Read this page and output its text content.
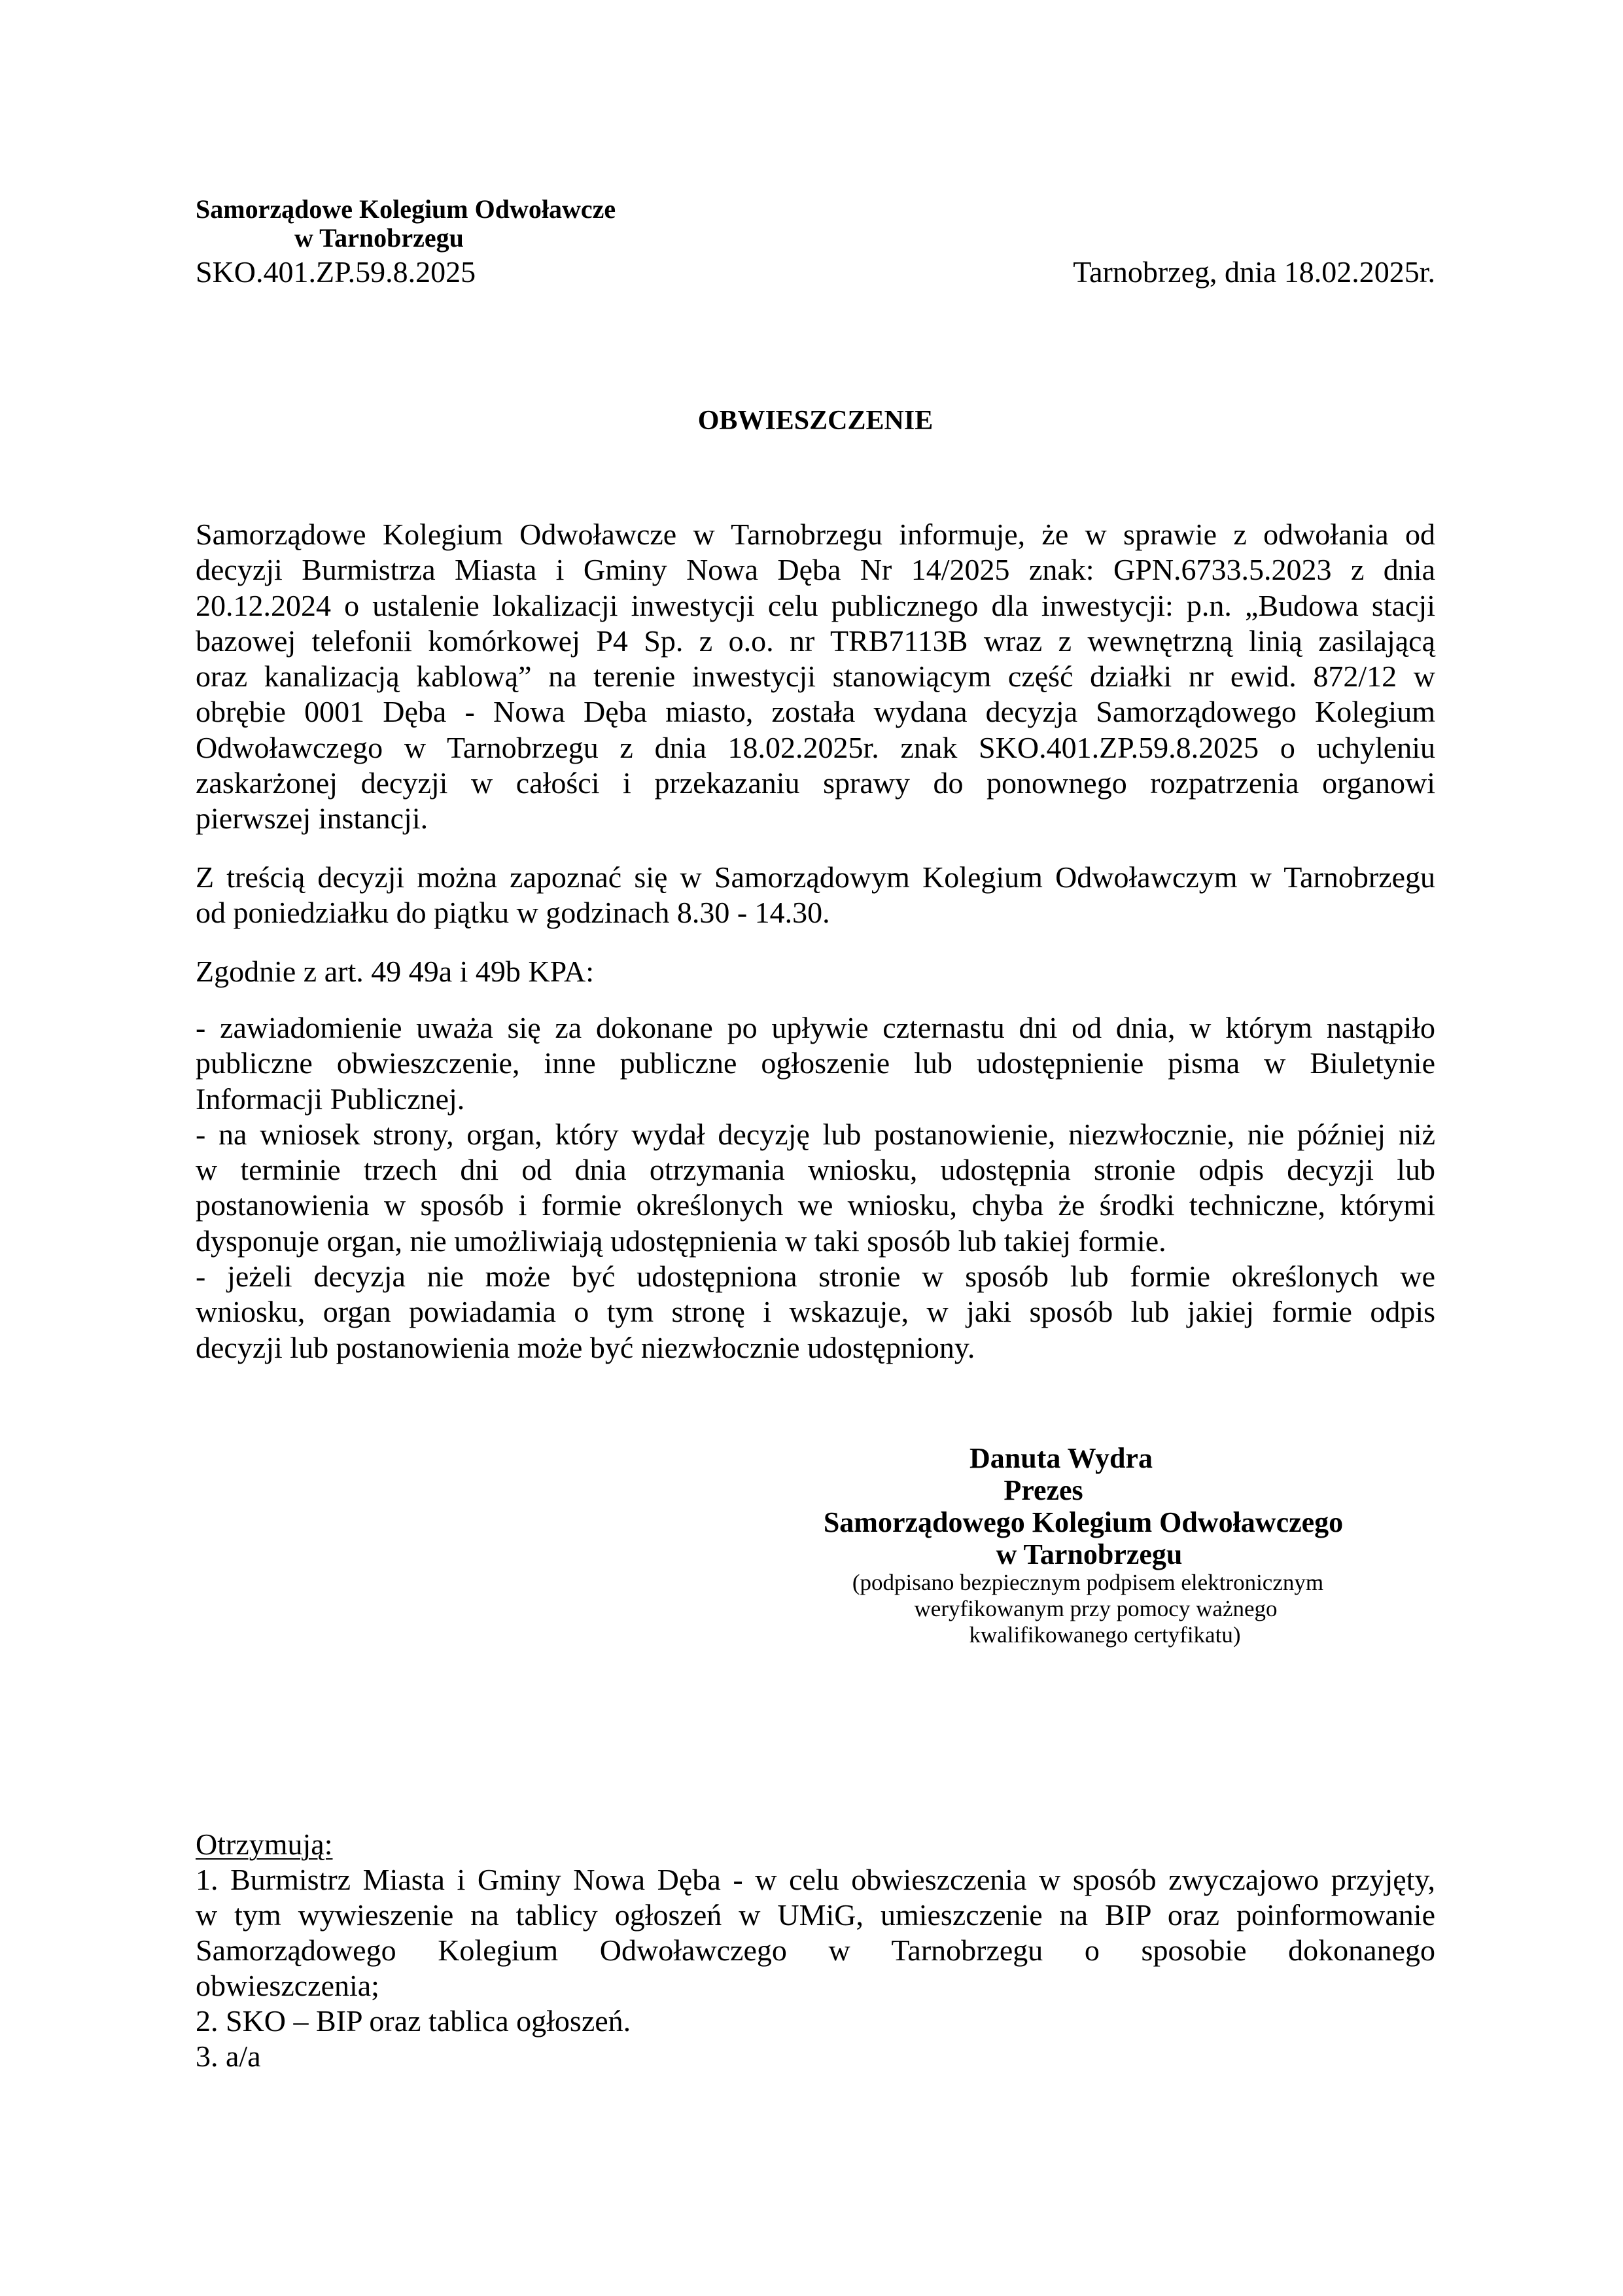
Samorządowe Kolegium Odwoławcze
w Tarnobrzegu
SKO.401.ZP.59.8.2025	Tarnobrzeg, dnia 18.02.2025r.
OBWIESZCZENIE
Samorządowe Kolegium Odwoławcze w Tarnobrzegu informuje, że w sprawie z odwołania od
decyzji Burmistrza Miasta i Gminy Nowa Dęba Nr 14/2025 znak: GPN.6733.5.2023 z dnia
20.12.2024 o ustalenie lokalizacji inwestycji celu publicznego dla inwestycji: p.n. „Budowa stacji
bazowej telefonii komórkowej P4 Sp. z o.o. nr TRB7113B wraz z wewnętrzną linią zasilającą
oraz kanalizacją kablową” na terenie inwestycji stanowiącym część działki nr ewid. 872/12 w
obrębie 0001 Dęba - Nowa Dęba miasto, została wydana decyzja Samorządowego Kolegium
Odwoławczego w Tarnobrzegu z dnia 18.02.2025r. znak SKO.401.ZP.59.8.2025 o uchyleniu
zaskarżonej decyzji w całości i przekazaniu sprawy do ponownego rozpatrzenia organowi
pierwszej instancji.
Z treścią decyzji można zapoznać się w Samorządowym Kolegium Odwoławczym w Tarnobrzegu
od poniedziałku do piątku w godzinach 8.30 - 14.30.
Zgodnie z art. 49 49a i 49b KPA:
- zawiadomienie uważa się za dokonane po upływie czternastu dni od dnia, w którym nastąpiło
publiczne obwieszczenie, inne publiczne ogłoszenie lub udostępnienie pisma w Biuletynie
Informacji Publicznej.
- na wniosek strony, organ, który wydał decyzję lub postanowienie, niezwłocznie, nie później niż
w terminie trzech dni od dnia otrzymania wniosku, udostępnia stronie odpis decyzji lub
postanowienia w sposób i formie określonych we wniosku, chyba że środki techniczne, którymi
dysponuje organ, nie umożliwiają udostępnienia w taki sposób lub takiej formie.
- jeżeli decyzja nie może być udostępniona stronie w sposób lub formie określonych we
wniosku, organ powiadamia o tym stronę i wskazuje, w jaki sposób lub jakiej formie odpis
decyzji lub postanowienia może być niezwłocznie udostępniony.
Danuta Wydra
Prezes
Samorządowego Kolegium Odwoławczego
w Tarnobrzegu
(podpisano bezpiecznym podpisem elektronicznym
weryfikowanym przy pomocy ważnego
kwalifikowanego certyfikatu)
Otrzymują:
1. Burmistrz Miasta i Gminy Nowa Dęba - w celu obwieszczenia w sposób zwyczajowo przyjęty,
w tym wywieszenie na tablicy ogłoszeń w UMiG, umieszczenie na BIP oraz poinformowanie
Samorządowego Kolegium Odwoławczego w Tarnobrzegu o sposobie dokonanego
obwieszczenia;
2. SKO – BIP oraz tablica ogłoszeń.
3. a/a
